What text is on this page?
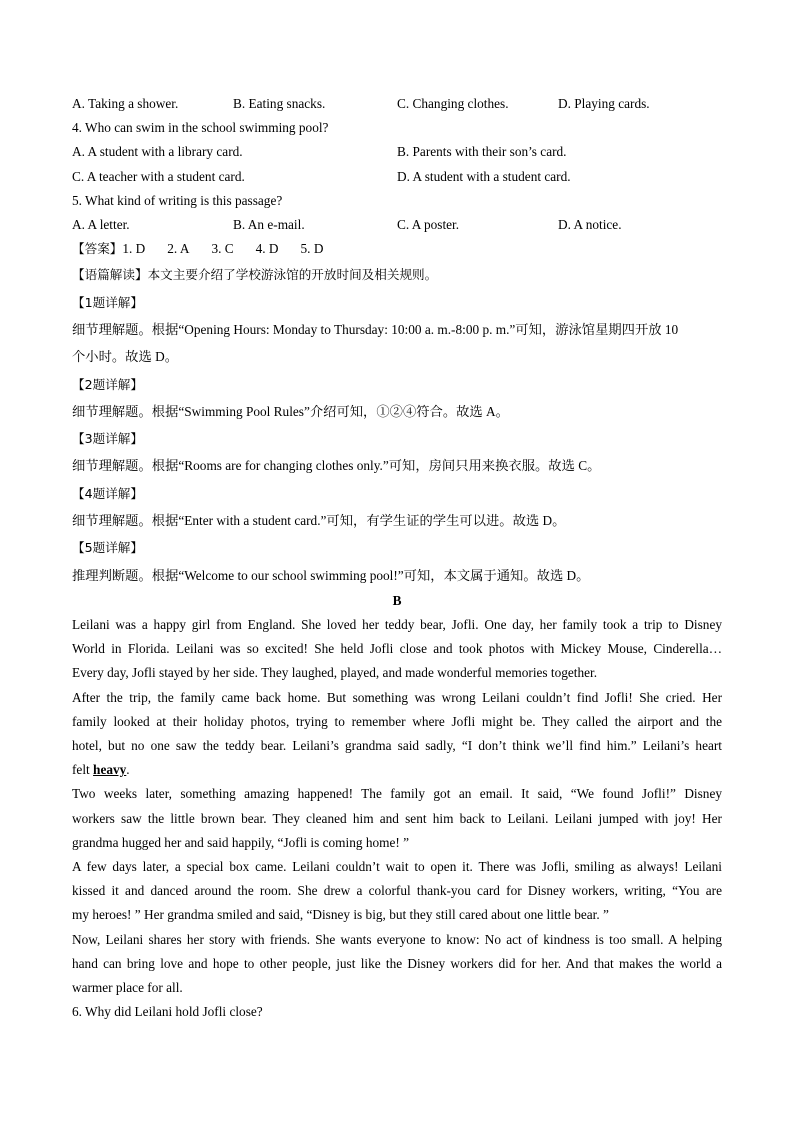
A. Taking a shower.	B. Eating snacks.	C. Changing clothes.	D. Playing cards.
4. Who can swim in the school swimming pool?
A. A student with a library card.	B. Parents with their son’s card.
C. A teacher with a student card.	D. A student with a student card.
5. What kind of writing is this passage?
A. A letter.	B. An e-mail.	C. A poster.	D. A notice.
【答案】1. D 2. A 3. C 4. D 5. D
【语篇解读】本文主要介绍了学校游泳馆的开放时间及相关规则。
【1题详解】
细节理解题。根据“Opening Hours: Monday to Thursday: 10:00 a. m.-8:00 p. m.”可知，游泳馆星期四开放 10
个小时。故选 D。
【2题详解】
细节理解题。根据“Swimming Pool Rules”介绍可知，①②④符合。故选 A。
【3题详解】
细节理解题。根据“Rooms are for changing clothes only.”可知，房间只用来换衣服。故选 C。
【4题详解】
细节理解题。根据“Enter with a student card.”可知，有学生证的学生可以进。故选 D。
【5题详解】
推理判断题。根据“Welcome to our school swimming pool!”可知，本文属于通知。故选 D。
B
Leilani was a happy girl from England. She loved her teddy bear, Jofli. One day, her family took a trip to Disney
World in Florida. Leilani was so excited! She held Jofli close and took photos with Mickey Mouse, Cinderella…
Every day, Jofli stayed by her side. They laughed, played, and made wonderful memories together.
After the trip, the family came back home. But something was wrong Leilani couldn’t find Jofli! She cried. Her
family looked at their holiday photos, trying to remember where Jofli might be. They called the airport and the
hotel, but no one saw the teddy bear. Leilani’s grandma said sadly, “I don’t think we’ll find him.” Leilani’s heart
felt heavy.
Two weeks later, something amazing happened! The family got an email. It said, “We found Jofli!” Disney
workers saw the little brown bear. They cleaned him and sent him back to Leilani. Leilani jumped with joy! Her
grandma hugged her and said happily, “Jofli is coming home! ”
A few days later, a special box came. Leilani couldn’t wait to open it. There was Jofli, smiling as always! Leilani
kissed it and danced around the room. She drew a colorful thank-you card for Disney workers, writing, “You are
my heroes! ” Her grandma smiled and said, “Disney is big, but they still cared about one little bear. ”
Now, Leilani shares her story with friends. She wants everyone to know: No act of kindness is too small. A helping
hand can bring love and hope to other people, just like the Disney workers did for her. And that makes the world a
warmer place for all.
6. Why did Leilani hold Jofli close?
